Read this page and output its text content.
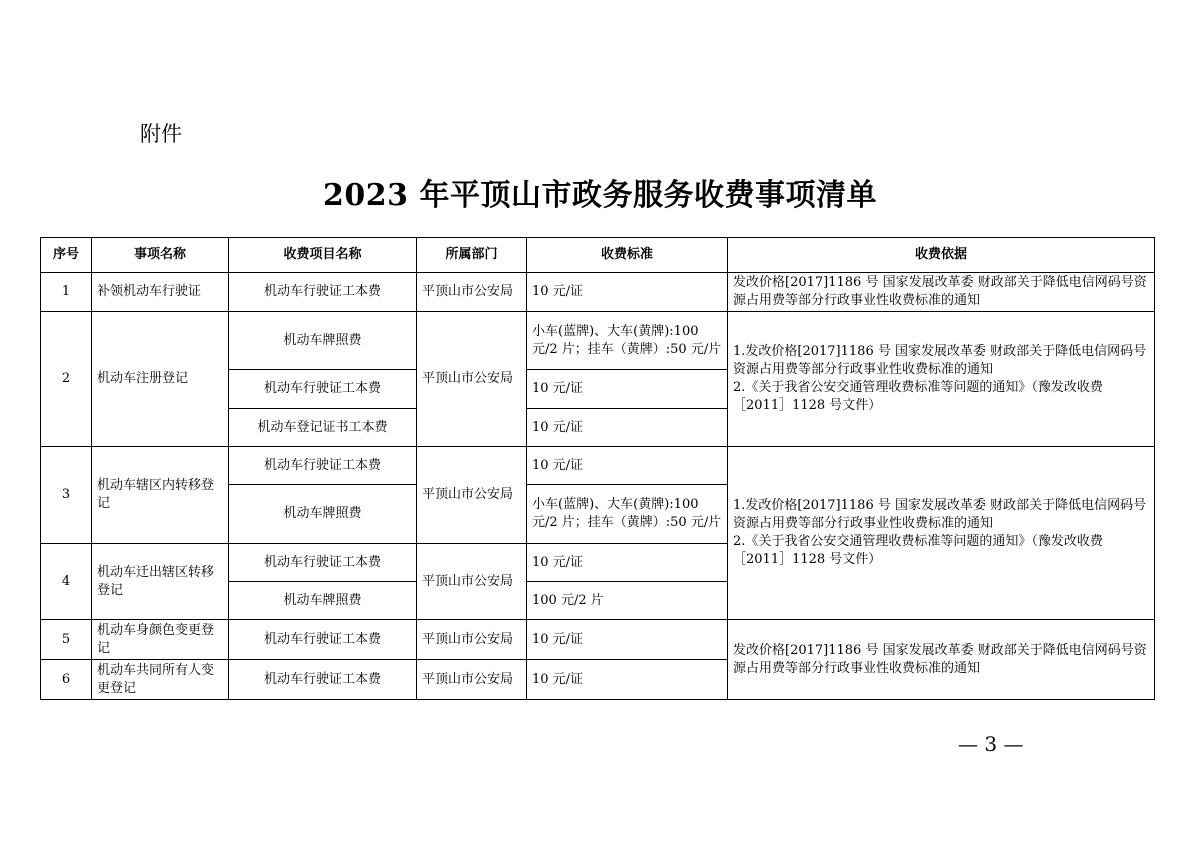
附件
2023 年平顶山市政务服务收费事项清单
序号	事项名称	收费项目名称	所属部门	收费标准	收费依据
1	补领机动车行驶证	机动车行驶证工本费	平顶山市公安局	10 元/证	发改价格[2017]1186 号 国家发展改革委 财政部关于降低电信网码号资源占用费等部分行政事业性收费标准的通知
2	机动车注册登记	机动车牌照费	平顶山市公安局	小车(蓝牌)、大车(黄牌):100 元/2 片；挂车（黄牌）:50 元/片	1.发改价格[2017]1186 号 国家发展改革委 财政部关于降低电信网码号资源占用费等部分行政事业性收费标准的通知
2.《关于我省公安交通管理收费标准等问题的通知》（豫发改收费［2011］1128 号文件）

		机动车行驶证工本费		10 元/证	
		机动车登记证书工本费		10 元/证	
3	机动车辖区内转移登记	机动车行驶证工本费	平顶山市公安局	10 元/证	1.发改价格[2017]1186 号 国家发展改革委 财政部关于降低电信网码号资源占用费等部分行政事业性收费标准的通知
2.《关于我省公安交通管理收费标准等问题的通知》（豫发改收费［2011］1128 号文件）

		机动车牌照费		小车(蓝牌)、大车(黄牌):100 元/2 片；挂车（黄牌）:50 元/片	
4	机动车迁出辖区转移登记	机动车行驶证工本费	平顶山市公安局	10 元/证	
		机动车牌照费		100 元/2 片	
5	机动车身颜色变更登记	机动车行驶证工本费	平顶山市公安局	10 元/证	发改价格[2017]1186 号 国家发展改革委 财政部关于降低电信网码号资源占用费等部分行政事业性收费标准的通知
6	机动车共同所有人变更登记	机动车行驶证工本费	平顶山市公安局	10 元/证	
— 3 —
